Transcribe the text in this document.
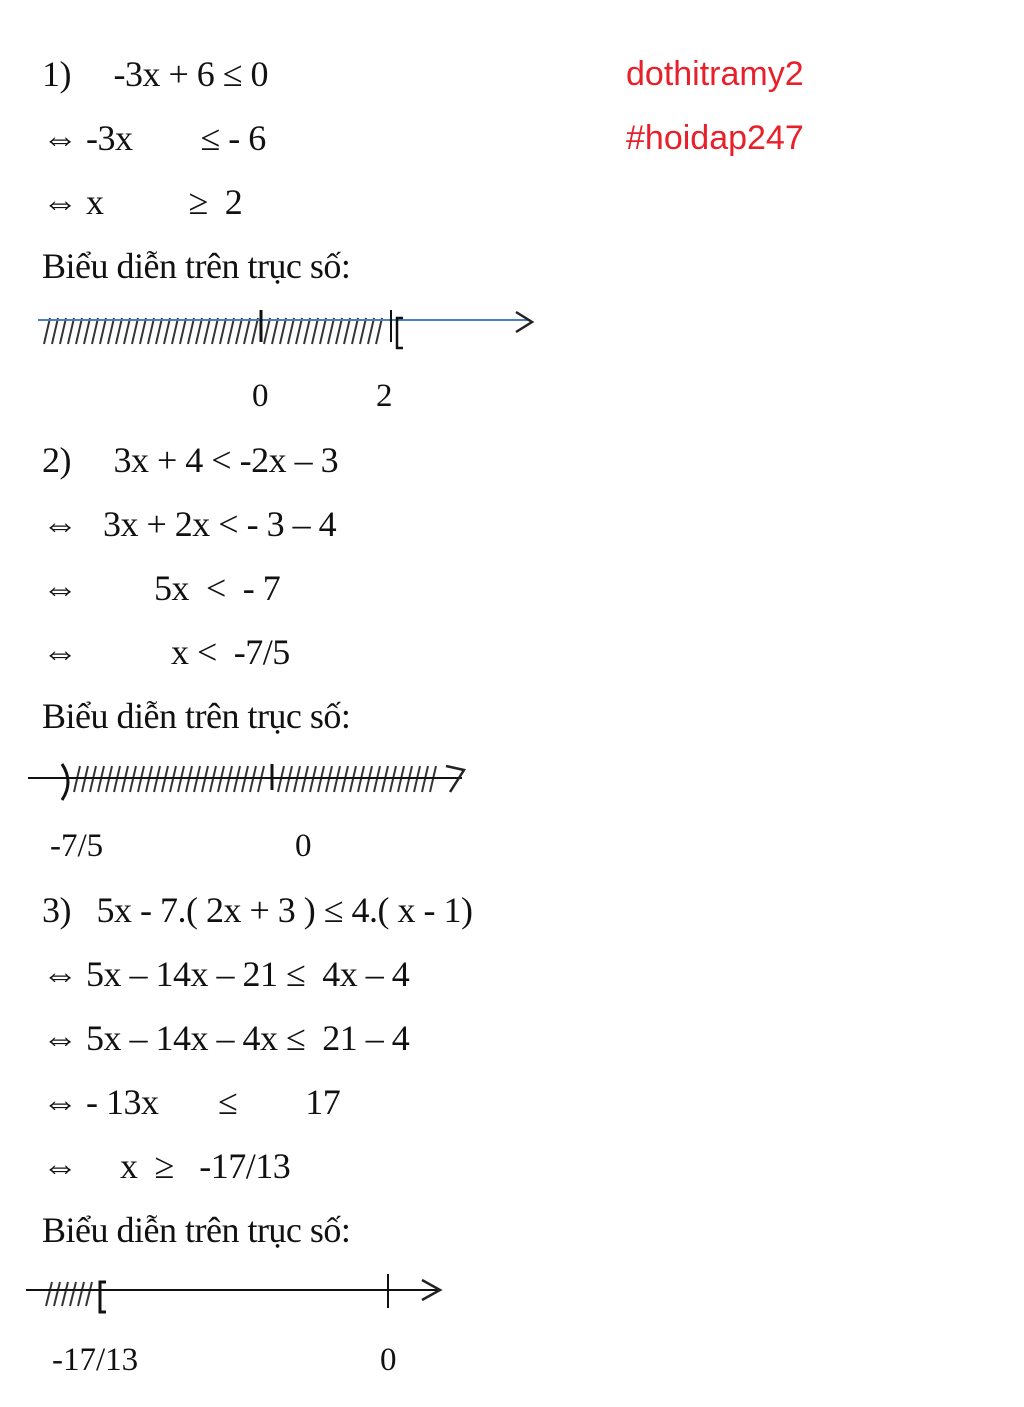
dothitramy2
#hoidap247
1)     -3x + 6 ≤ 0
⇔ -3x        ≤ - 6
⇔ x          ≥  2
Biểu diễn trên trục số:
0	2
2)     3x + 4 < -2x – 3
⇔   3x + 2x < - 3 – 4
⇔         5x  <  - 7
⇔           x <  -7/5
Biểu diễn trên trục số:
-7/5	0
3)   5x - 7.( 2x + 3 ) ≤ 4.( x - 1)
⇔ 5x – 14x – 21 ≤  4x – 4
⇔ 5x – 14x – 4x ≤  21 – 4
⇔ - 13x       ≤        17
⇔     x  ≥   -17/13
Biểu diễn trên trục số:
-17/13	0
